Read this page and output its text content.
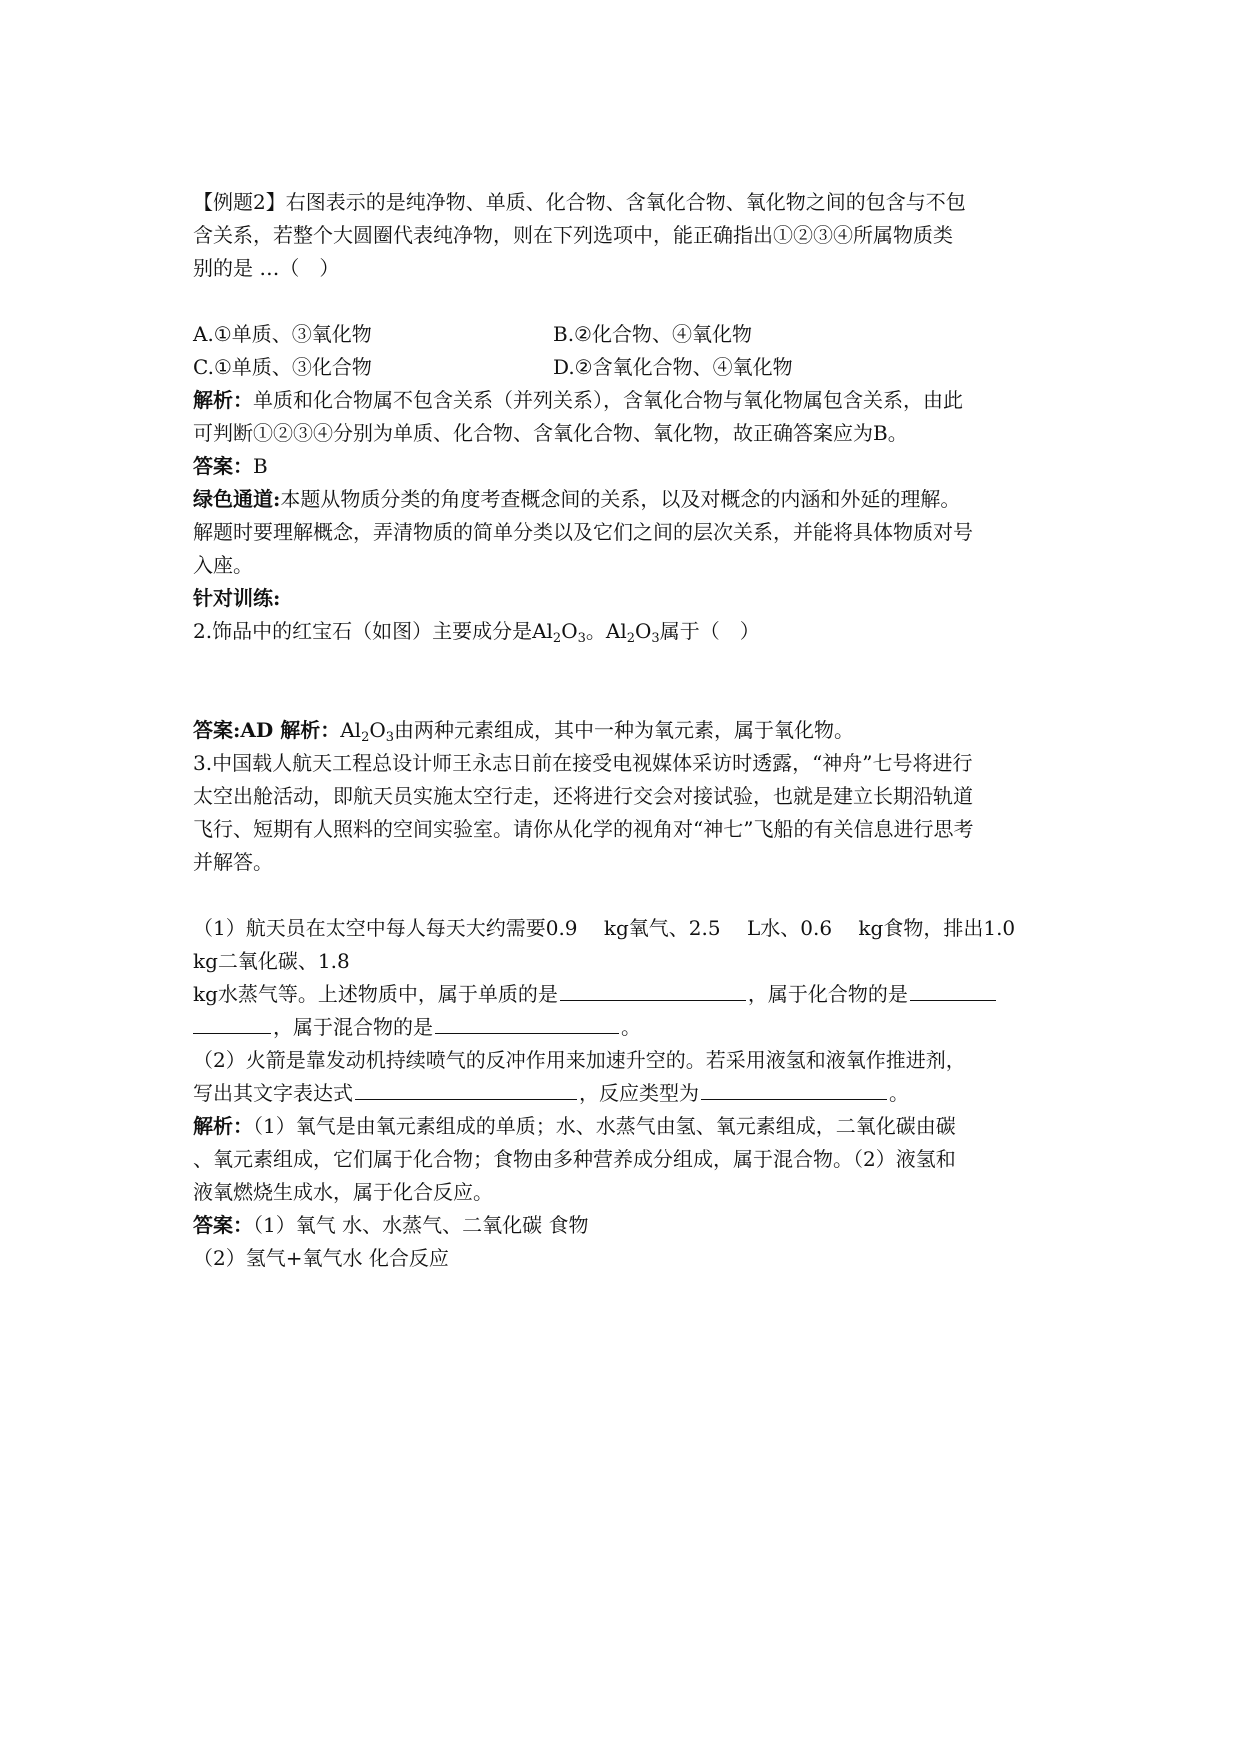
【例题2】右图表示的是纯净物、单质、化合物、含氧化合物、氧化物之间的包含与不包

含关系，若整个大圆圈代表纯净物，则在下列选项中，能正确指出①②③④所属物质类

别的是 …（　）

A.①单质、③氧化物	B.②化合物、④氧化物
C.①单质、③化合物	D.②含氧化合物、④氧化物

解析：单质和化合物属不包含关系（并列关系），含氧化合物与氧化物属包含关系，由此

可判断①②③④分别为单质、化合物、含氧化合物、氧化物，故正确答案应为B。

答案：B

绿色通道:本题从物质分类的角度考查概念间的关系，以及对概念的内涵和外延的理解。

解题时要理解概念，弄清物质的简单分类以及它们之间的层次关系，并能将具体物质对号

入座。

针对训练:

2.饰品中的红宝石（如图）主要成分是$Al_2O_3$。$Al_2O_3$属于（　）

答案:AD 解析：$Al_2O_3$由两种元素组成，其中一种为氧元素，属于氧化物。

3.中国载人航天工程总设计师王永志日前在接受电视媒体采访时透露，“神舟”七号将进行

太空出舱活动，即航天员实施太空行走，还将进行交会对接试验，也就是建立长期沿轨道

飞行、短期有人照料的空间实验室。请你从化学的视角对“神七”飞船的有关信息进行思考

并解答。

（1）航天员在太空中每人每天大约需要0.9　 kg氧气、2.5　 L水、0.6　 kg食物，排出1.0

kg二氧化碳、1.8

kg水蒸气等。上述物质中，属于单质的是	，属于化合物的是

，属于混合物的是	。

（2）火箭是靠发动机持续喷气的反冲作用来加速升空的。若采用液氢和液氧作推进剂，

写出其文字表达式	，反应类型为	。

解析：（1）氧气是由氧元素组成的单质；水、水蒸气由氢、氧元素组成，二氧化碳由碳

、氧元素组成，它们属于化合物；食物由多种营养成分组成，属于混合物。（2）液氢和

液氧燃烧生成水，属于化合反应。

答案：（1）氧气 水、水蒸气、二氧化碳 食物

（2）氢气+氧气水 化合反应
